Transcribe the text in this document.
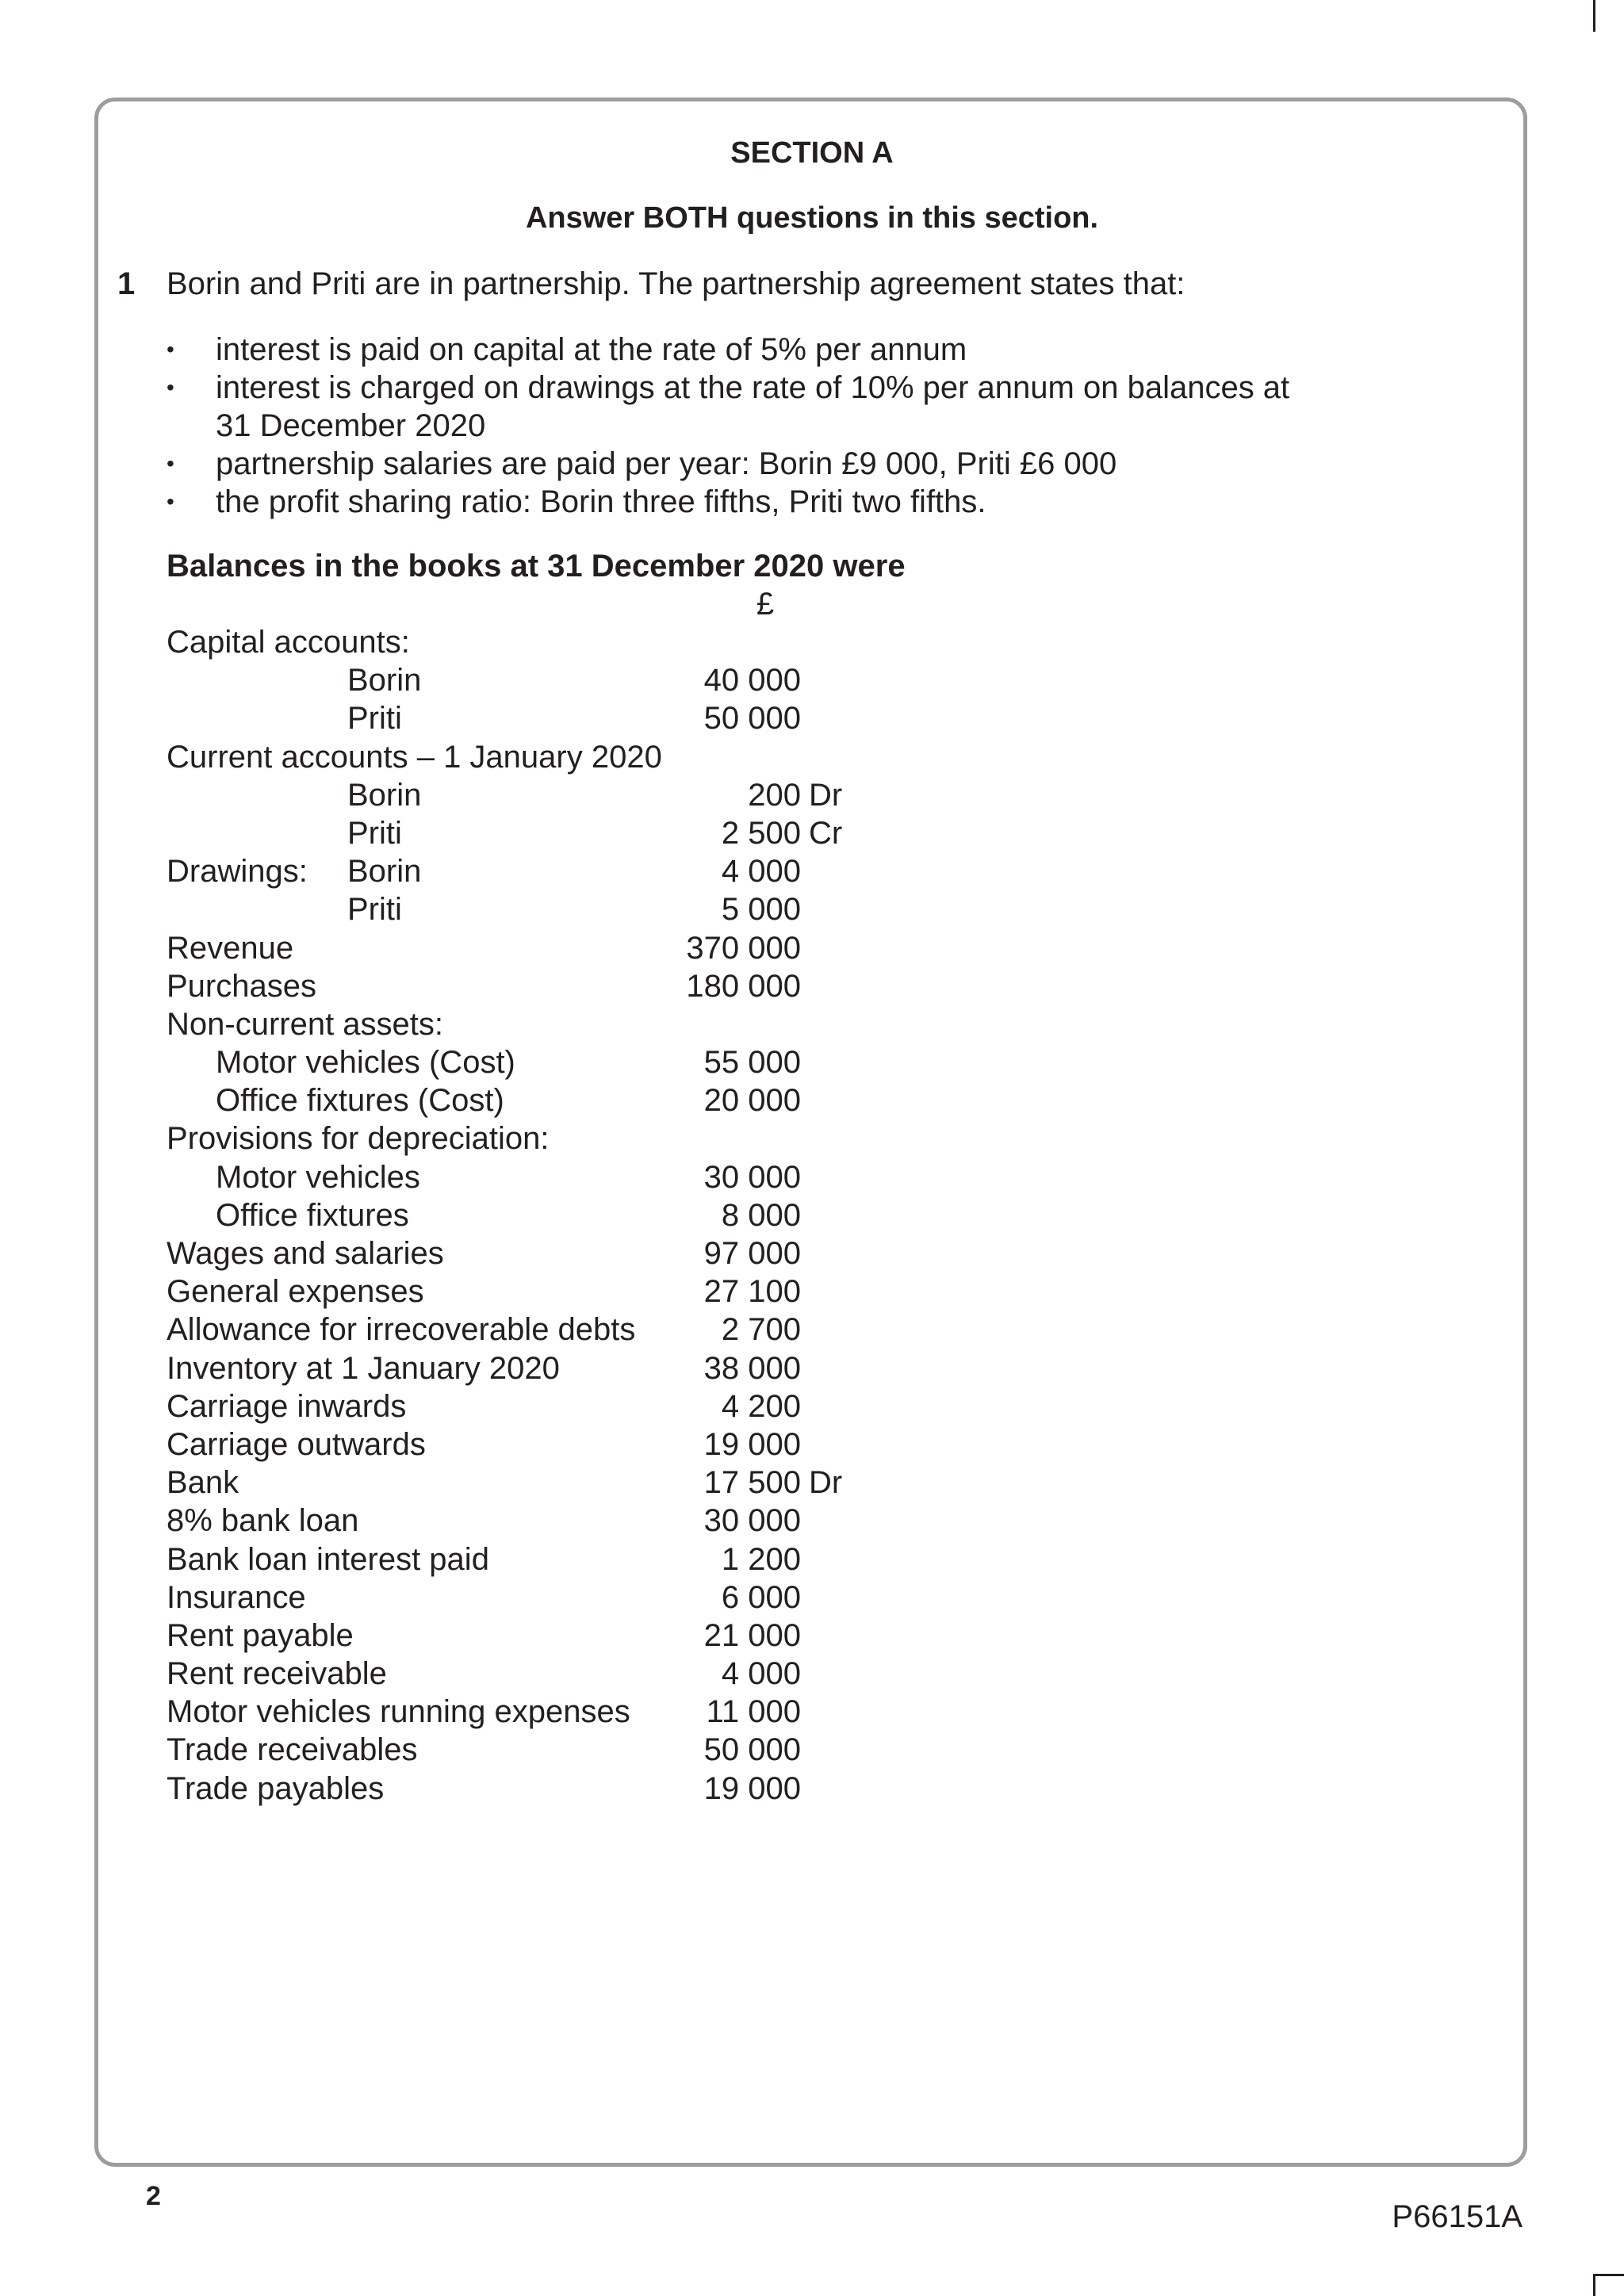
SECTION A
Answer BOTH questions in this section.
1 Borin and Priti are in partnership. The partnership agreement states that:
• interest is paid on capital at the rate of 5% per annum
• interest is charged on drawings at the rate of 10% per annum on balances at 31 December 2020
• partnership salaries are paid per year: Borin £9 000, Priti £6 000
• the profit sharing ratio: Borin three fifths, Priti two fifths.
Balances in the books at 31 December 2020 were
£
Capital accounts:
Borin	40 000
Priti	50 000
Current accounts – 1 January 2020
Borin	200 Dr
Priti	2 500 Cr
Drawings: Borin	4 000
Priti	5 000
Revenue	370 000
Purchases	180 000
Non-current assets:
Motor vehicles (Cost)	55 000
Office fixtures (Cost)	20 000
Provisions for depreciation:
Motor vehicles	30 000
Office fixtures	8 000
Wages and salaries	97 000
General expenses	27 100
Allowance for irrecoverable debts	2 700
Inventory at 1 January 2020	38 000
Carriage inwards	4 200
Carriage outwards	19 000
Bank	17 500 Dr
8% bank loan	30 000
Bank loan interest paid	1 200
Insurance	6 000
Rent payable	21 000
Rent receivable	4 000
Motor vehicles running expenses 11 000
Trade receivables	50 000
Trade payables	19 000
2
P66151A
